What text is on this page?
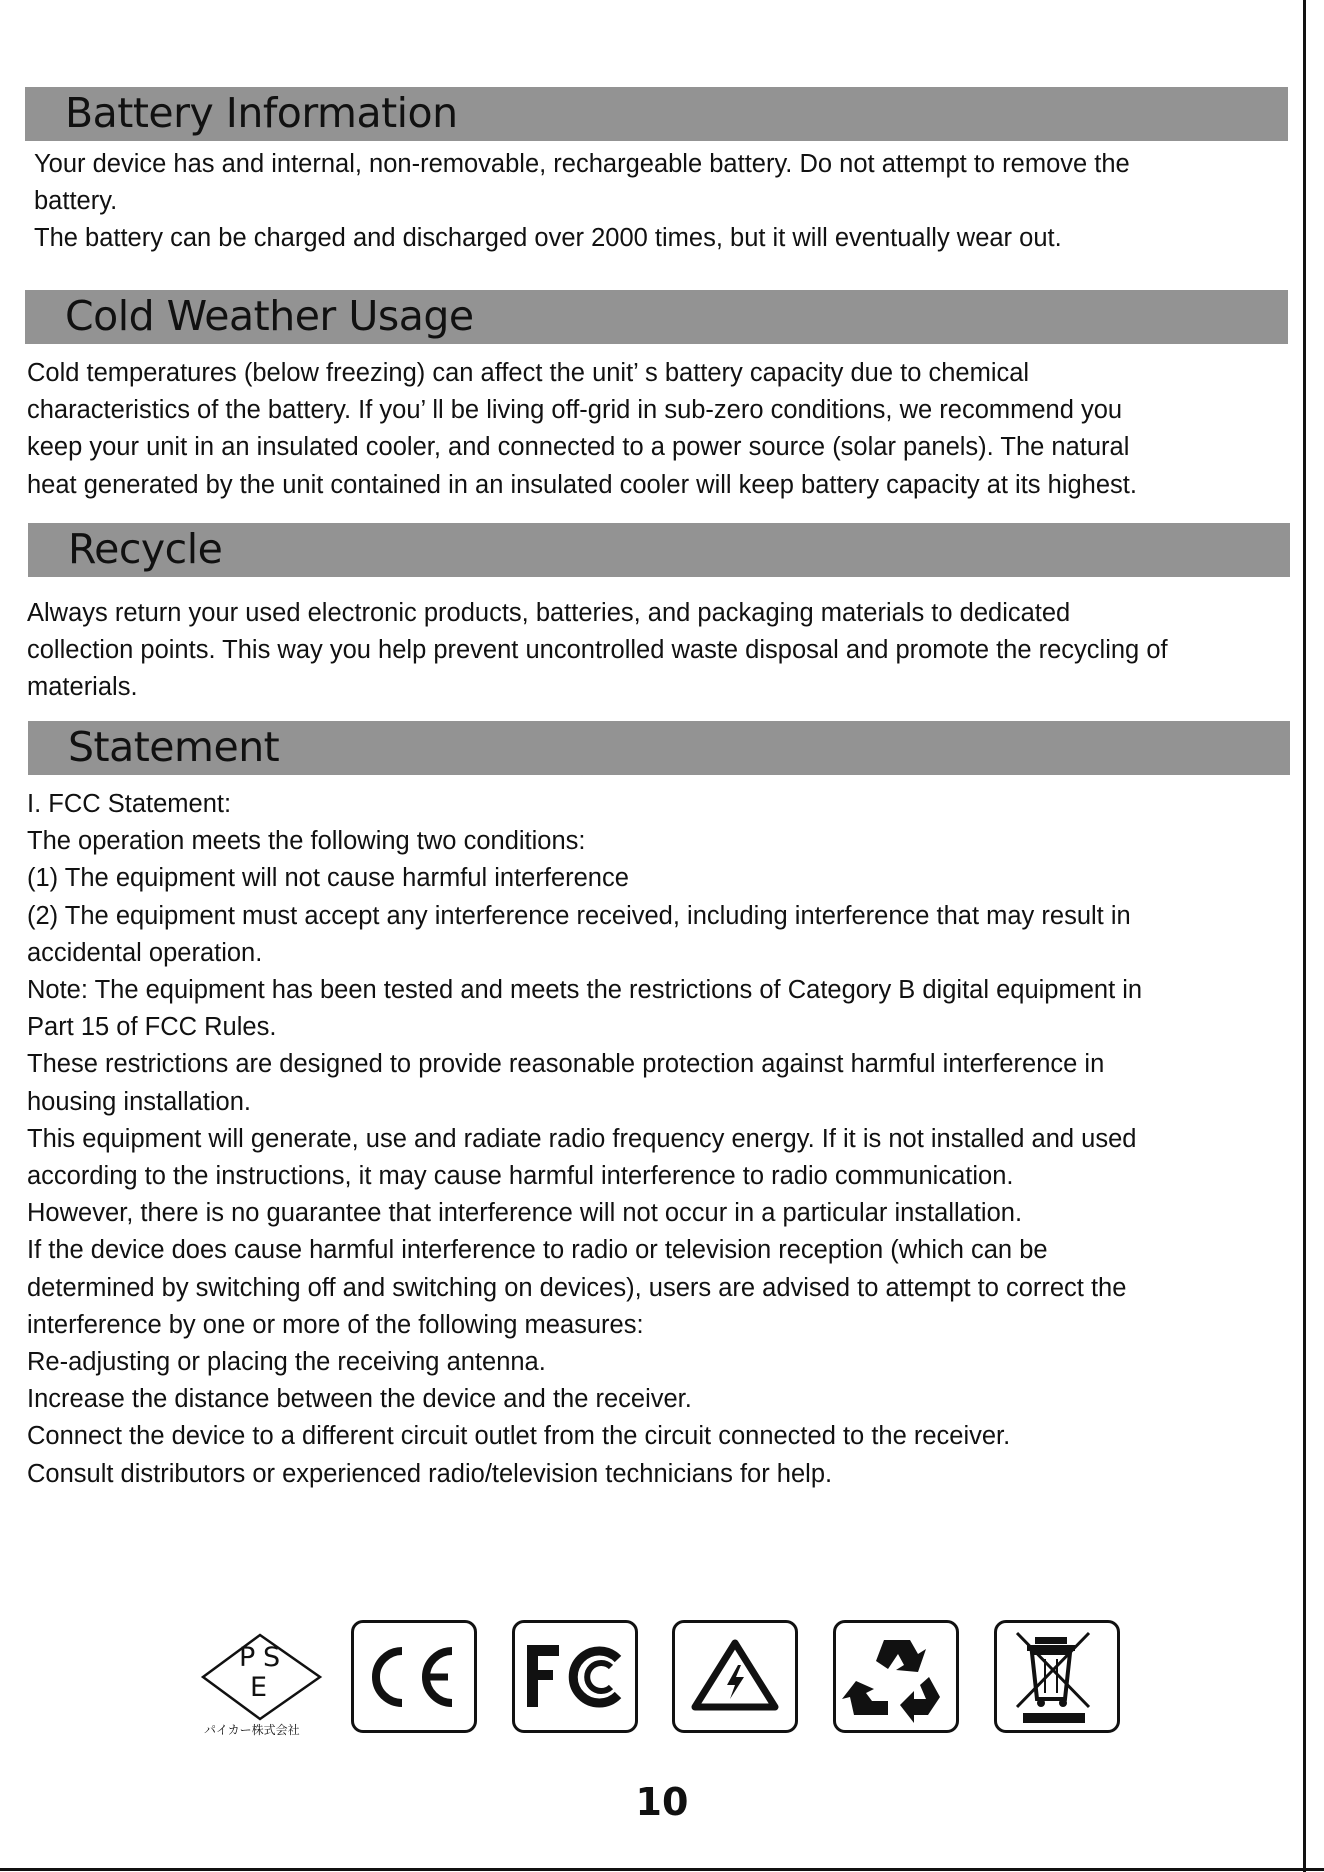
Battery Information

Your device has and internal, non-removable, rechargeable battery. Do not attempt to remove the

battery.

The battery can be charged and discharged over 2000 times, but it will eventually wear out.

Cold Weather Usage

Cold temperatures (below freezing) can affect the unit’ s battery capacity due to chemical

characteristics of the battery. If you’ ll be living off-grid in sub-zero conditions, we recommend you

keep your unit in an insulated cooler, and connected to a power source (solar panels). The natural

heat generated by the unit contained in an insulated cooler will keep battery capacity at its highest.

Recycle

Always return your used electronic products, batteries, and packaging materials to dedicated

collection points. This way you help prevent uncontrolled waste disposal and promote the recycling of

materials.

Statement

I. FCC Statement:

The operation meets the following two conditions:

(1) The equipment will not cause harmful interference

(2) The equipment must accept any interference received, including interference that may result in

accidental operation.

Note: The equipment has been tested and meets the restrictions of Category B digital equipment in

Part 15 of FCC Rules.

These restrictions are designed to provide reasonable protection against harmful interference in

housing installation.

This equipment will generate, use and radiate radio frequency energy. If it is not installed and used

according to the instructions, it may cause harmful interference to radio communication.

However, there is no guarantee that interference will not occur in a particular installation.

If the device does cause harmful interference to radio or television reception (which can be

determined by switching off and switching on devices), users are advised to attempt to correct the

interference by one or more of the following measures:

Re-adjusting or placing the receiving antenna.

Increase the distance between the device and the receiver.

Connect the device to a different circuit outlet from the circuit connected to the receiver.

Consult distributors or experienced radio/television technicians for help.

P S
E
パイカー株式会社
10
